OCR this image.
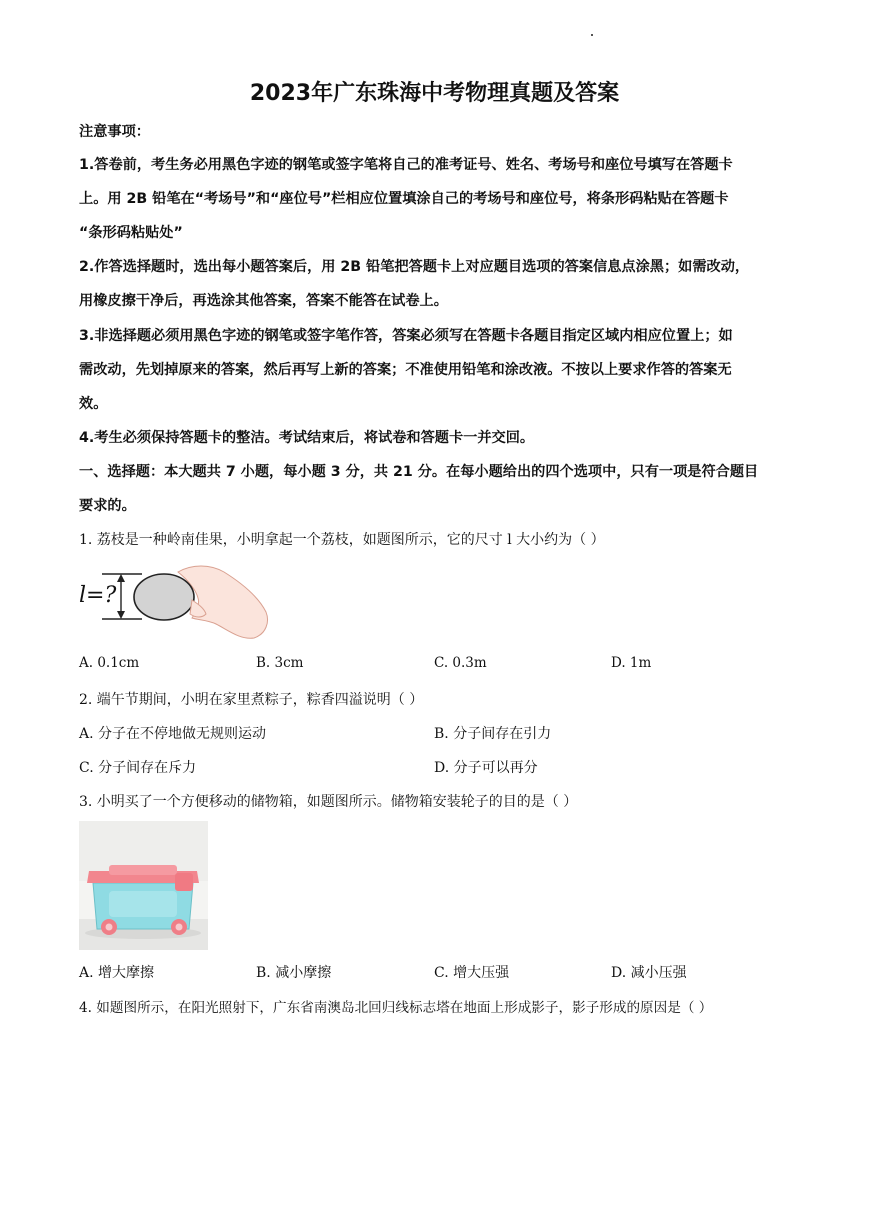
2023年广东珠海中考物理真题及答案
注意事项：
1.答卷前，考生务必用黑色字迹的钢笔或签字笔将自己的准考证号、姓名、考场号和座位号填写在答题卡
上。用 2B 铅笔在“考场号”和“座位号”栏相应位置填涂自己的考场号和座位号，将条形码粘贴在答题卡
“条形码粘贴处”
2.作答选择题时，选出每小题答案后，用 2B 铅笔把答题卡上对应题目选项的答案信息点涂黑；如需改动，
用橡皮擦干净后，再选涂其他答案，答案不能答在试卷上。
3.非选择题必须用黑色字迹的钢笔或签字笔作答，答案必须写在答题卡各题目指定区域内相应位置上；如
需改动，先划掉原来的答案，然后再写上新的答案；不准使用铅笔和涂改液。不按以上要求作答的答案无
效。
4.考生必须保持答题卡的整洁。考试结束后，将试卷和答题卡一并交回。
一、选择题：本大题共 7 小题，每小题 3 分，共 21 分。在每小题给出的四个选项中，只有一项是符合题目
要求的。
1. 荔枝是一种岭南佳果，小明拿起一个荔枝，如题图所示，它的尺寸 l 大小约为（ ）
l=?
A. 0.1cm	B. 3cm	C. 0.3m	D. 1m
2. 端午节期间，小明在家里煮粽子，粽香四溢说明（ ）
A. 分子在不停地做无规则运动	B. 分子间存在引力
C. 分子间存在斥力	D. 分子可以再分
3. 小明买了一个方便移动的储物箱，如题图所示。储物箱安装轮子的目的是（ ）
A. 增大摩擦	B. 减小摩擦	C. 增大压强	D. 减小压强
4. 如题图所示，在阳光照射下，广东省南澳岛北回归线标志塔在地面上形成影子，影子形成的原因是（ ）
